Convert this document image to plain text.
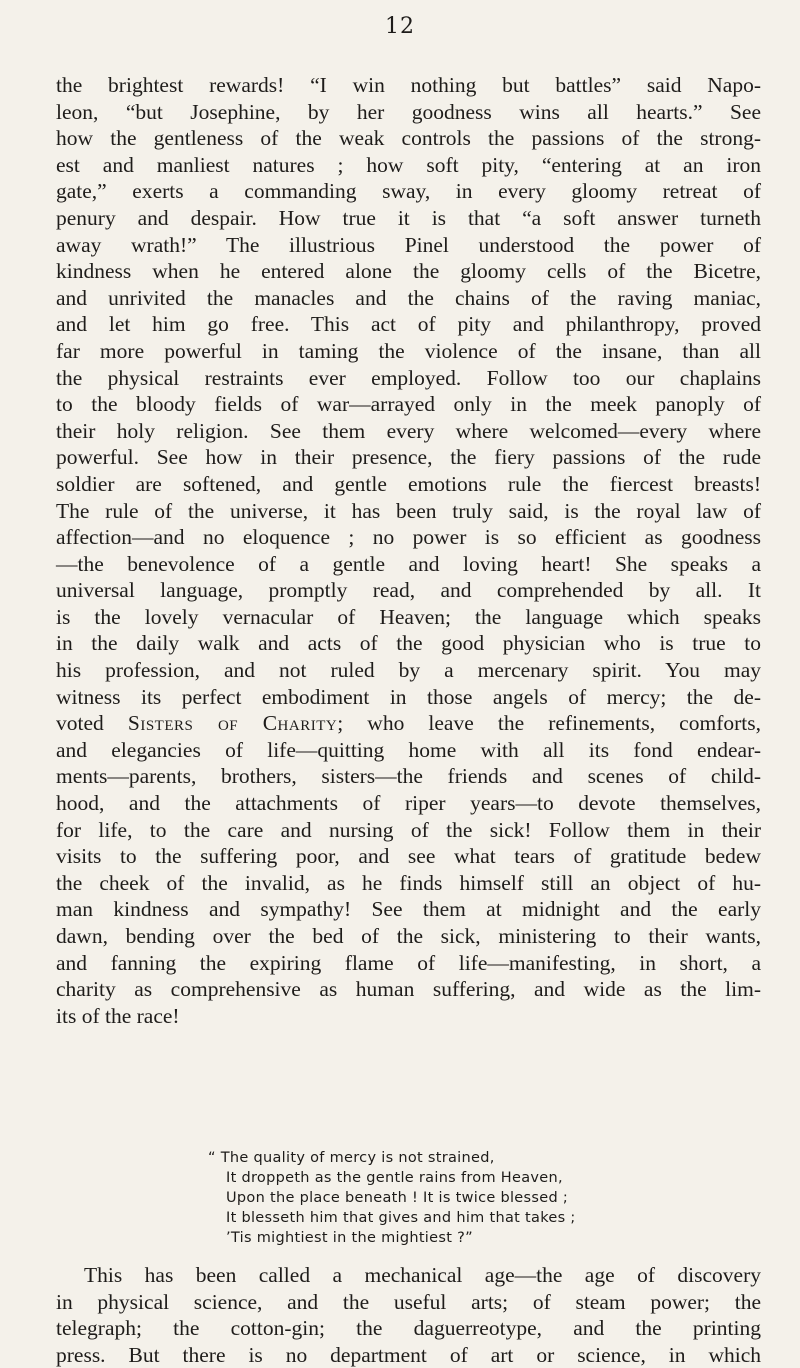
12
the brightest rewards! “I win nothing but battles” said Napo-
leon, “but Josephine, by her goodness wins all hearts.” See
how the gentleness of the weak controls the passions of the strong-
est and manliest natures ; how soft pity, “entering at an iron
gate,” exerts a commanding sway, in every gloomy retreat of
penury and despair. How true it is that “a soft answer turneth
away wrath!” The illustrious Pinel understood the power of
kindness when he entered alone the gloomy cells of the Bicetre,
and unrivited the manacles and the chains of the raving maniac,
and let him go free. This act of pity and philanthropy, proved
far more powerful in taming the violence of the insane, than all
the physical restraints ever employed. Follow too our chaplains
to the bloody fields of war—arrayed only in the meek panoply of
their holy religion. See them every where welcomed—every where
powerful. See how in their presence, the fiery passions of the rude
soldier are softened, and gentle emotions rule the fiercest breasts!
The rule of the universe, it has been truly said, is the royal law of
affection—and no eloquence ; no power is so efficient as goodness
—the benevolence of a gentle and loving heart! She speaks a
universal language, promptly read, and comprehended by all. It
is the lovely vernacular of Heaven; the language which speaks
in the daily walk and acts of the good physician who is true to
his profession, and not ruled by a mercenary spirit. You may
witness its perfect embodiment in those angels of mercy; the de-
voted Sisters of Charity; who leave the refinements, comforts,
and elegancies of life—quitting home with all its fond endear-
ments—parents, brothers, sisters—the friends and scenes of child-
hood, and the attachments of riper years—to devote themselves,
for life, to the care and nursing of the sick! Follow them in their
visits to the suffering poor, and see what tears of gratitude bedew
the cheek of the invalid, as he finds himself still an object of hu-
man kindness and sympathy! See them at midnight and the early
dawn, bending over the bed of the sick, ministering to their wants,
and fanning the expiring flame of life—manifesting, in short, a
charity as comprehensive as human suffering, and wide as the lim-
its of the race!
“ The quality of mercy is not strained,
It droppeth as the gentle rains from Heaven,
Upon the place beneath ! It is twice blessed ;
It blesseth him that gives and him that takes ;
’Tis mightiest in the mightiest ?”
This has been called a mechanical age—the age of discovery
in physical science, and the useful arts; of steam power; the
telegraph; the cotton-gin; the daguerreotype, and the printing
press. But there is no department of art or science, in which
